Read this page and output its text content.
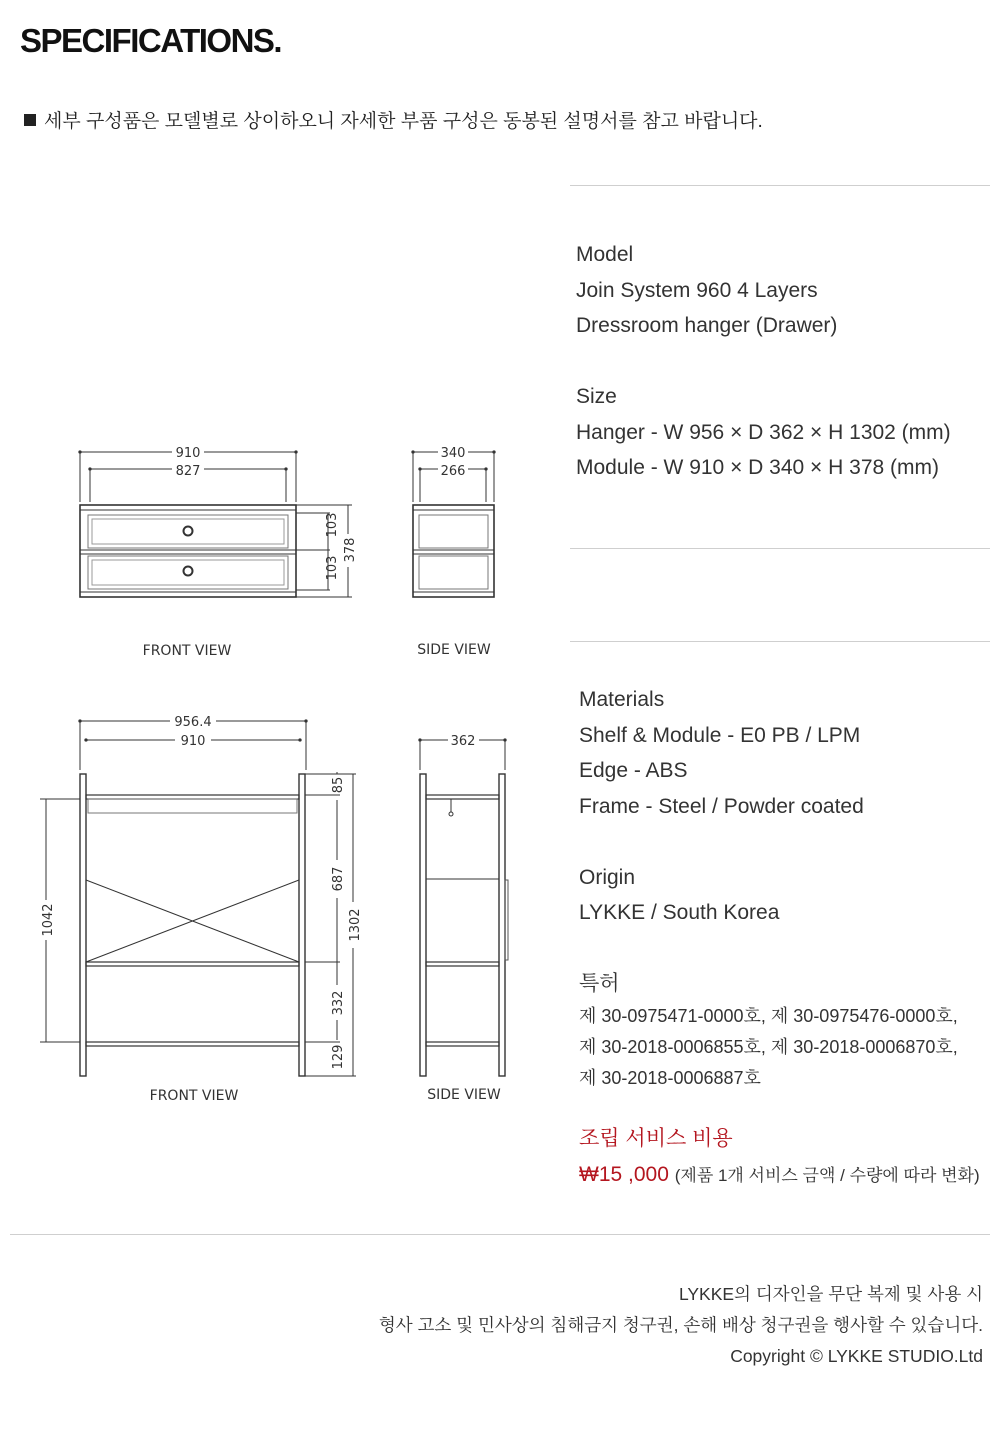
SPECIFICATIONS.
세부 구성품은 모델별로 상이하오니 자세한 부품 구성은 동봉된 설명서를 참고 바랍니다.
Model
Join System 960 4 Layers
Dressroom hanger (Drawer)
Size
Hanger - W 956 × D 362 × H 1302 (mm)
Module - W 910 × D 340 × H 378 (mm)
Materials
Shelf & Module - E0 PB / LPM
Edge - ABS
Frame - Steel / Powder coated
Origin
LYKKE / South Korea
특허
제 30-0975471-0000호, 제 30-0975476-0000호,
제 30-2018-0006855호, 제 30-2018-0006870호,
제 30-2018-0006887호
조립 서비스 비용
₩15 ,000 (제품 1개 서비스 금액 / 수량에 따라 변화)
910
827
340
266
103
103
378
FRONT VIEW	SIDE VIEW
956.4
910	362
1042
85
687
332
129
1302
FRONT VIEW	SIDE VIEW
LYKKE의 디자인을 무단 복제 및 사용 시
형사 고소 및 민사상의 침해금지 청구권, 손해 배상 청구권을 행사할 수 있습니다.
Copyright © LYKKE STUDIO.Ltd
